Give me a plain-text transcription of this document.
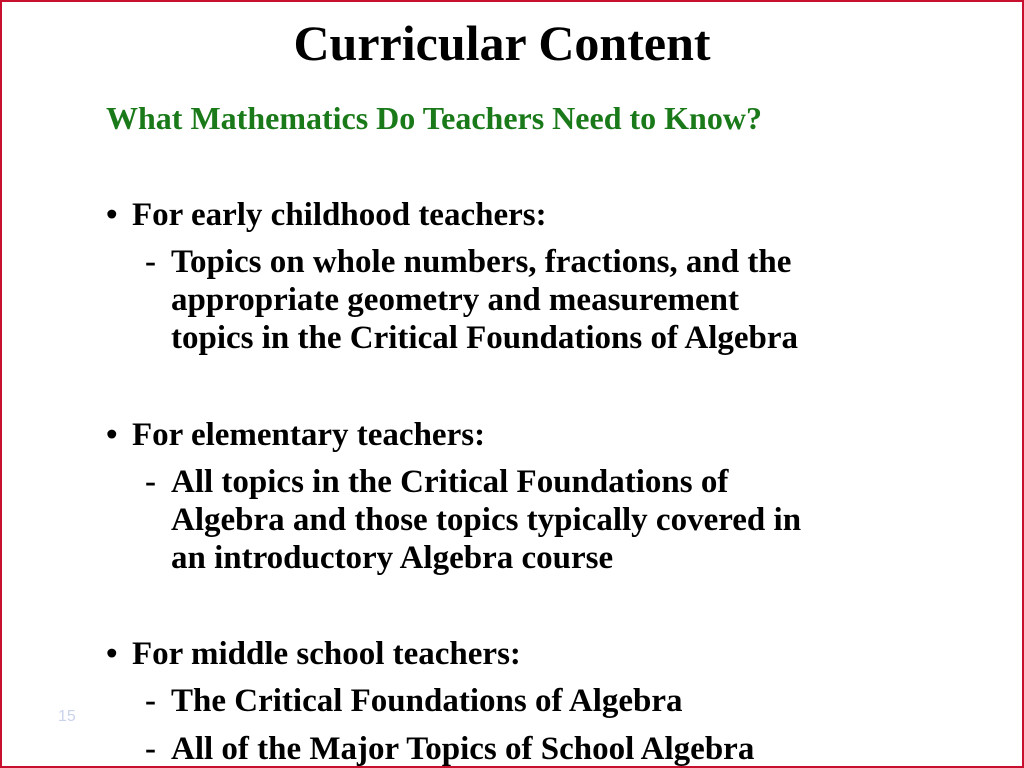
Curricular Content
What Mathematics Do Teachers Need to Know?
• For early childhood teachers:
- Topics on whole numbers, fractions, and the
appropriate geometry and measurement
topics in the Critical Foundations of Algebra
• For elementary teachers:
- All topics in the Critical Foundations of
Algebra and those topics typically covered in
an introductory Algebra course
• For middle school teachers:
- The Critical Foundations of Algebra
- All of the Major Topics of School Algebra
15
